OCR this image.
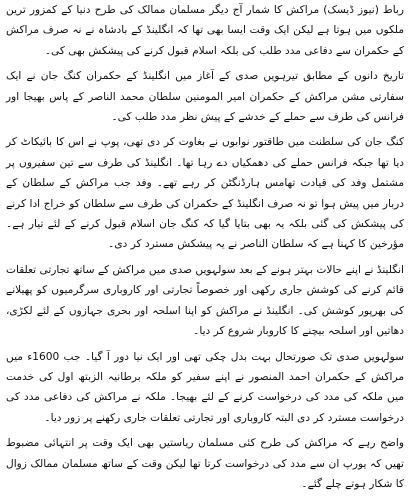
رباط (نیوز ڈیسک) مراکش کا شمار آج دیگر مسلمان ممالک کی طرح دنیا کے کمزور ترین ملکوں میں ہوتا ہے لیکن ایک وقت ایسا بھی تھا کہ انگلینڈ کے بادشاہ نے نہ صرف مراکش کے حکمران سے دفاعی مدد طلب کی بلکہ اسلام قبول کرنے کی پیشکش بھی کی۔

تاریخ دانوں کے مطابق تیرہویں صدی کے آغاز میں انگلینڈ کے حکمران کنگ جان نے ایک سفارتی مشن مراکش کے حکمران امیر المومنین سلطان محمد الناصر کے پاس بھیجا اور فرانس کی طرف سے حملے کے خدشے کے پیش نظر مدد طلب کی۔

کنگ جان کی سلطنت میں طاقتور نوابوں نے بغاوت کر دی تھی، پوپ نے اس کا بائیکاٹ کر دیا تھا جبکہ فرانس حملے کی دھمکیاں دے رہا تھا۔ انگلینڈ کی طرف سے تین سفیروں پر مشتمل وفد کی قیادت تھامس ہارڈنگٹن کر رہے تھے۔ وفد جب مراکش کے سلطان کے دربار میں پیش ہوا تو نہ صرف انگلینڈ کے حکمران کی طرف سے سلطان کو خراج ادا کرنے کی پیشکش کی گئی بلکہ یہ بھی بتایا گیا کہ کنگ جان اسلام قبول کرنے کے لئے تیار ہے۔ مؤرخین کا کہنا ہے کہ سلطان الناصر نے یہ پیشکش مسترد کر دی۔

انگلینڈ نے اپنے حالات بہتر ہونے کے بعد سولہویں صدی میں مراکش کے ساتھ تجارتی تعلقات قائم کرنے کی کوشش جاری رکھی اور خصوصاً تجارتی اور کاروباری سرگرمیوں کو پھیلانے کی بھرپور کوشش کی۔ انگلینڈ نے مراکش کو اپنا اسلحہ اور بحری جہازوں کے لئے لکڑی، دھاتیں اور اسلحہ بیچنے کا کاروبار شروع کر دیا۔

سولہویں صدی تک صورتحال بہت بدل چکی تھی اور ایک نیا دور آ گیا۔ جب 1600ء میں مراکش کے حکمران احمد المنصور نے اپنے سفیر کو ملکہ برطانیہ الزبتھ اول کی خدمت میں ملکہ کی مدد کی درخواست کرنے کے لئے بھیجا۔ ملکہ نے مراکش کی دفاعی مدد کی درخواست مسترد کر دی البتہ کاروباری اور تجارتی تعلقات جاری رکھنے پر زور دیا۔

واضح رہے کہ مراکش کی طرح کئی مسلمان ریاستیں بھی ایک وقت پر انتہائی مضبوط تھیں کہ یورپ ان سے مدد کی درخواست کرتا تھا لیکن وقت کے ساتھ مسلمان ممالک زوال کا شکار ہوتے چلے گئے۔
